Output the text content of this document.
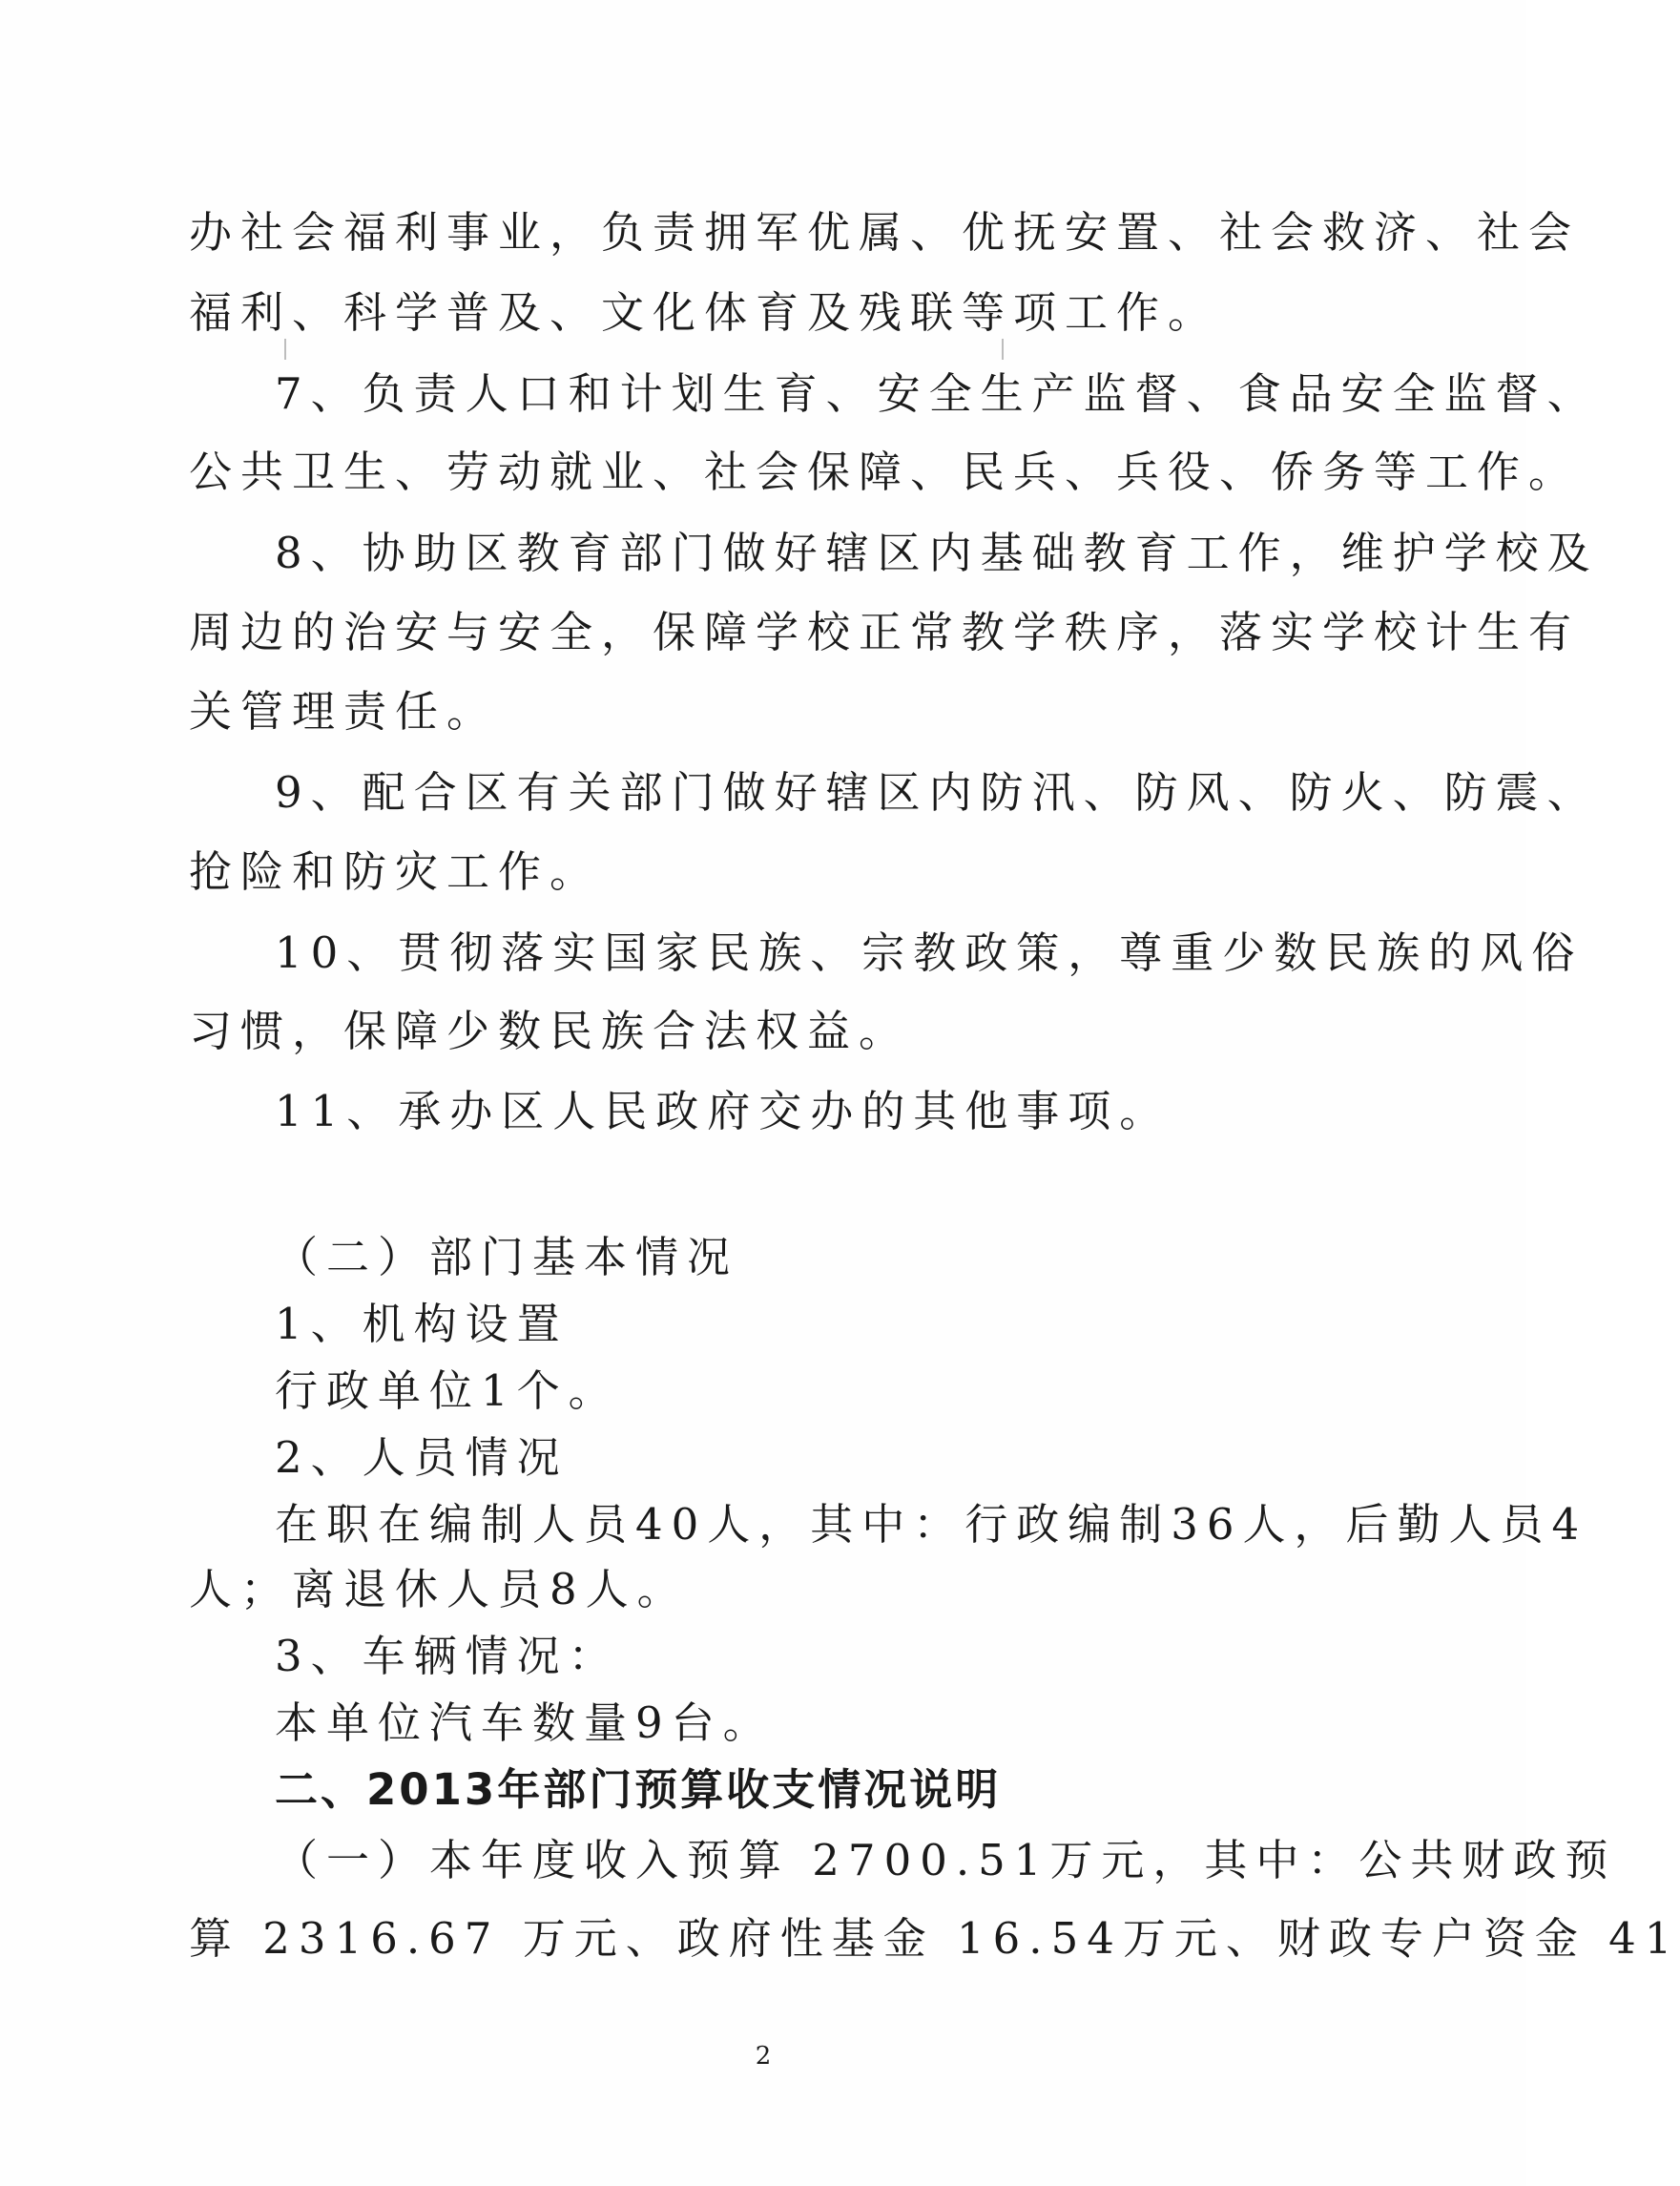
办社会福利事业，负责拥军优属、优抚安置、社会救济、社会
福利、科学普及、文化体育及残联等项工作。
7、负责人口和计划生育、安全生产监督、食品安全监督、
公共卫生、劳动就业、社会保障、民兵、兵役、侨务等工作。
8、协助区教育部门做好辖区内基础教育工作，维护学校及
周边的治安与安全，保障学校正常教学秩序，落实学校计生有
关管理责任。
9、配合区有关部门做好辖区内防汛、防风、防火、防震、
抢险和防灾工作。
10、贯彻落实国家民族、宗教政策，尊重少数民族的风俗
习惯，保障少数民族合法权益。
11、承办区人民政府交办的其他事项。
（二）部门基本情况
1、机构设置
行政单位1个。
2、人员情况
在职在编制人员40人，其中：行政编制36人，后勤人员4
人；离退休人员8人。
3、车辆情况：
本单位汽车数量9台。
二、2013年部门预算收支情况说明
（一）本年度收入预算 2700.51万元，其中：公共财政预
算 2316.67 万元、政府性基金 16.54万元、财政专户资金 41
2
